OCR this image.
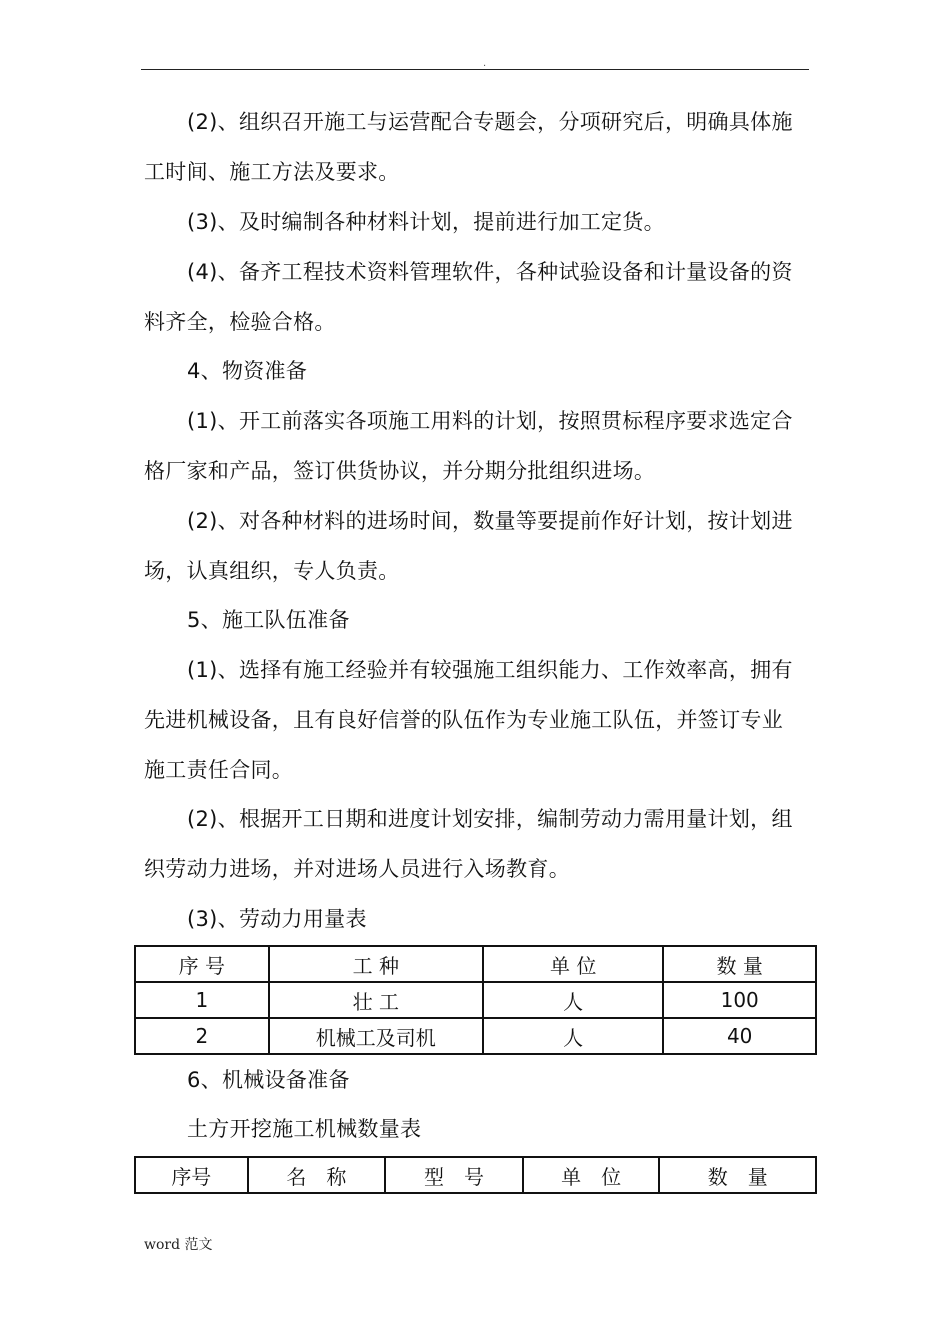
.
(2)、组织召开施工与运营配合专题会，分项研究后，明确具体施
工时间、施工方法及要求。
(3)、及时编制各种材料计划，提前进行加工定货。
(4)、备齐工程技术资料管理软件，各种试验设备和计量设备的资
料齐全，检验合格。
4、物资准备
(1)、开工前落实各项施工用料的计划，按照贯标程序要求选定合
格厂家和产品，签订供货协议，并分期分批组织进场。
(2)、对各种材料的进场时间，数量等要提前作好计划，按计划进
场，认真组织，专人负责。
5、施工队伍准备
(1)、选择有施工经验并有较强施工组织能力、工作效率高，拥有
先进机械设备，且有良好信誉的队伍作为专业施工队伍，并签订专业
施工责任合同。
(2)、根据开工日期和进度计划安排，编制劳动力需用量计划，组
织劳动力进场，并对进场人员进行入场教育。
(3)、劳动力用量表
序 号	工 种	单 位	数 量
1	壮 工	人	100
2	机械工及司机	人	40
6、机械设备准备
土方开挖施工机械数量表
序号	名　称	型　号	单　位	数　量
word 范文
